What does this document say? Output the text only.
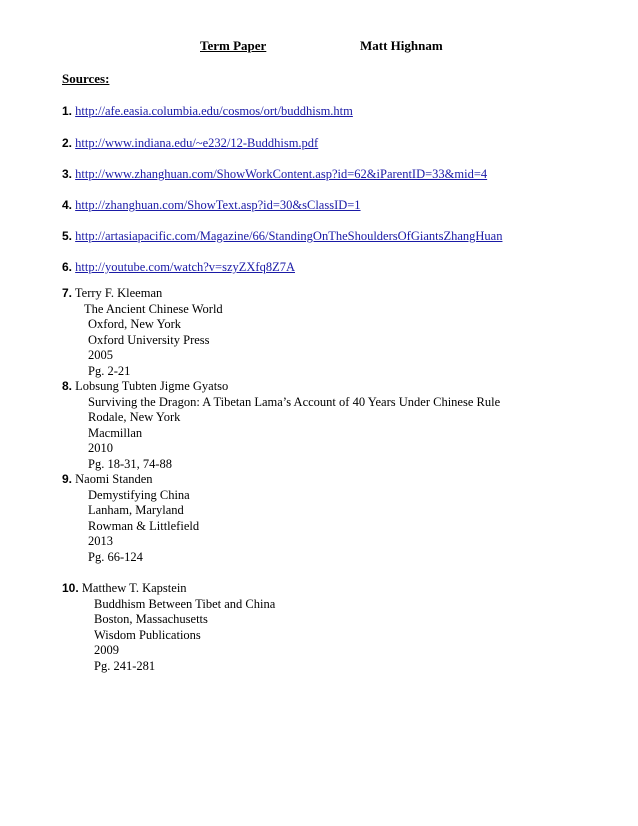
Term Paper	Matt Highnam
Sources:
1. http://afe.easia.columbia.edu/cosmos/ort/buddhism.htm
2. http://www.indiana.edu/~e232/12-Buddhism.pdf
3. http://www.zhanghuan.com/ShowWorkContent.asp?id=62&iParentID=33&mid=4
4. http://zhanghuan.com/ShowText.asp?id=30&sClassID=1
5. http://artasiapacific.com/Magazine/66/StandingOnTheShouldersOfGiantsZhangHuan
6. http://youtube.com/watch?v=szyZXfq8Z7A
7. Terry F. Kleeman
The Ancient Chinese World
Oxford, New York
Oxford University Press
2005
Pg. 2-21
8. Lobsung Tubten Jigme Gyatso
Surviving the Dragon: A Tibetan Lama’s Account of 40 Years Under Chinese Rule
Rodale, New York
Macmillan
2010
Pg. 18-31, 74-88
9. Naomi Standen
Demystifying China
Lanham, Maryland
Rowman & Littlefield
2013
Pg. 66-124
10. Matthew T. Kapstein
Buddhism Between Tibet and China
Boston, Massachusetts
Wisdom Publications
2009
Pg. 241-281
